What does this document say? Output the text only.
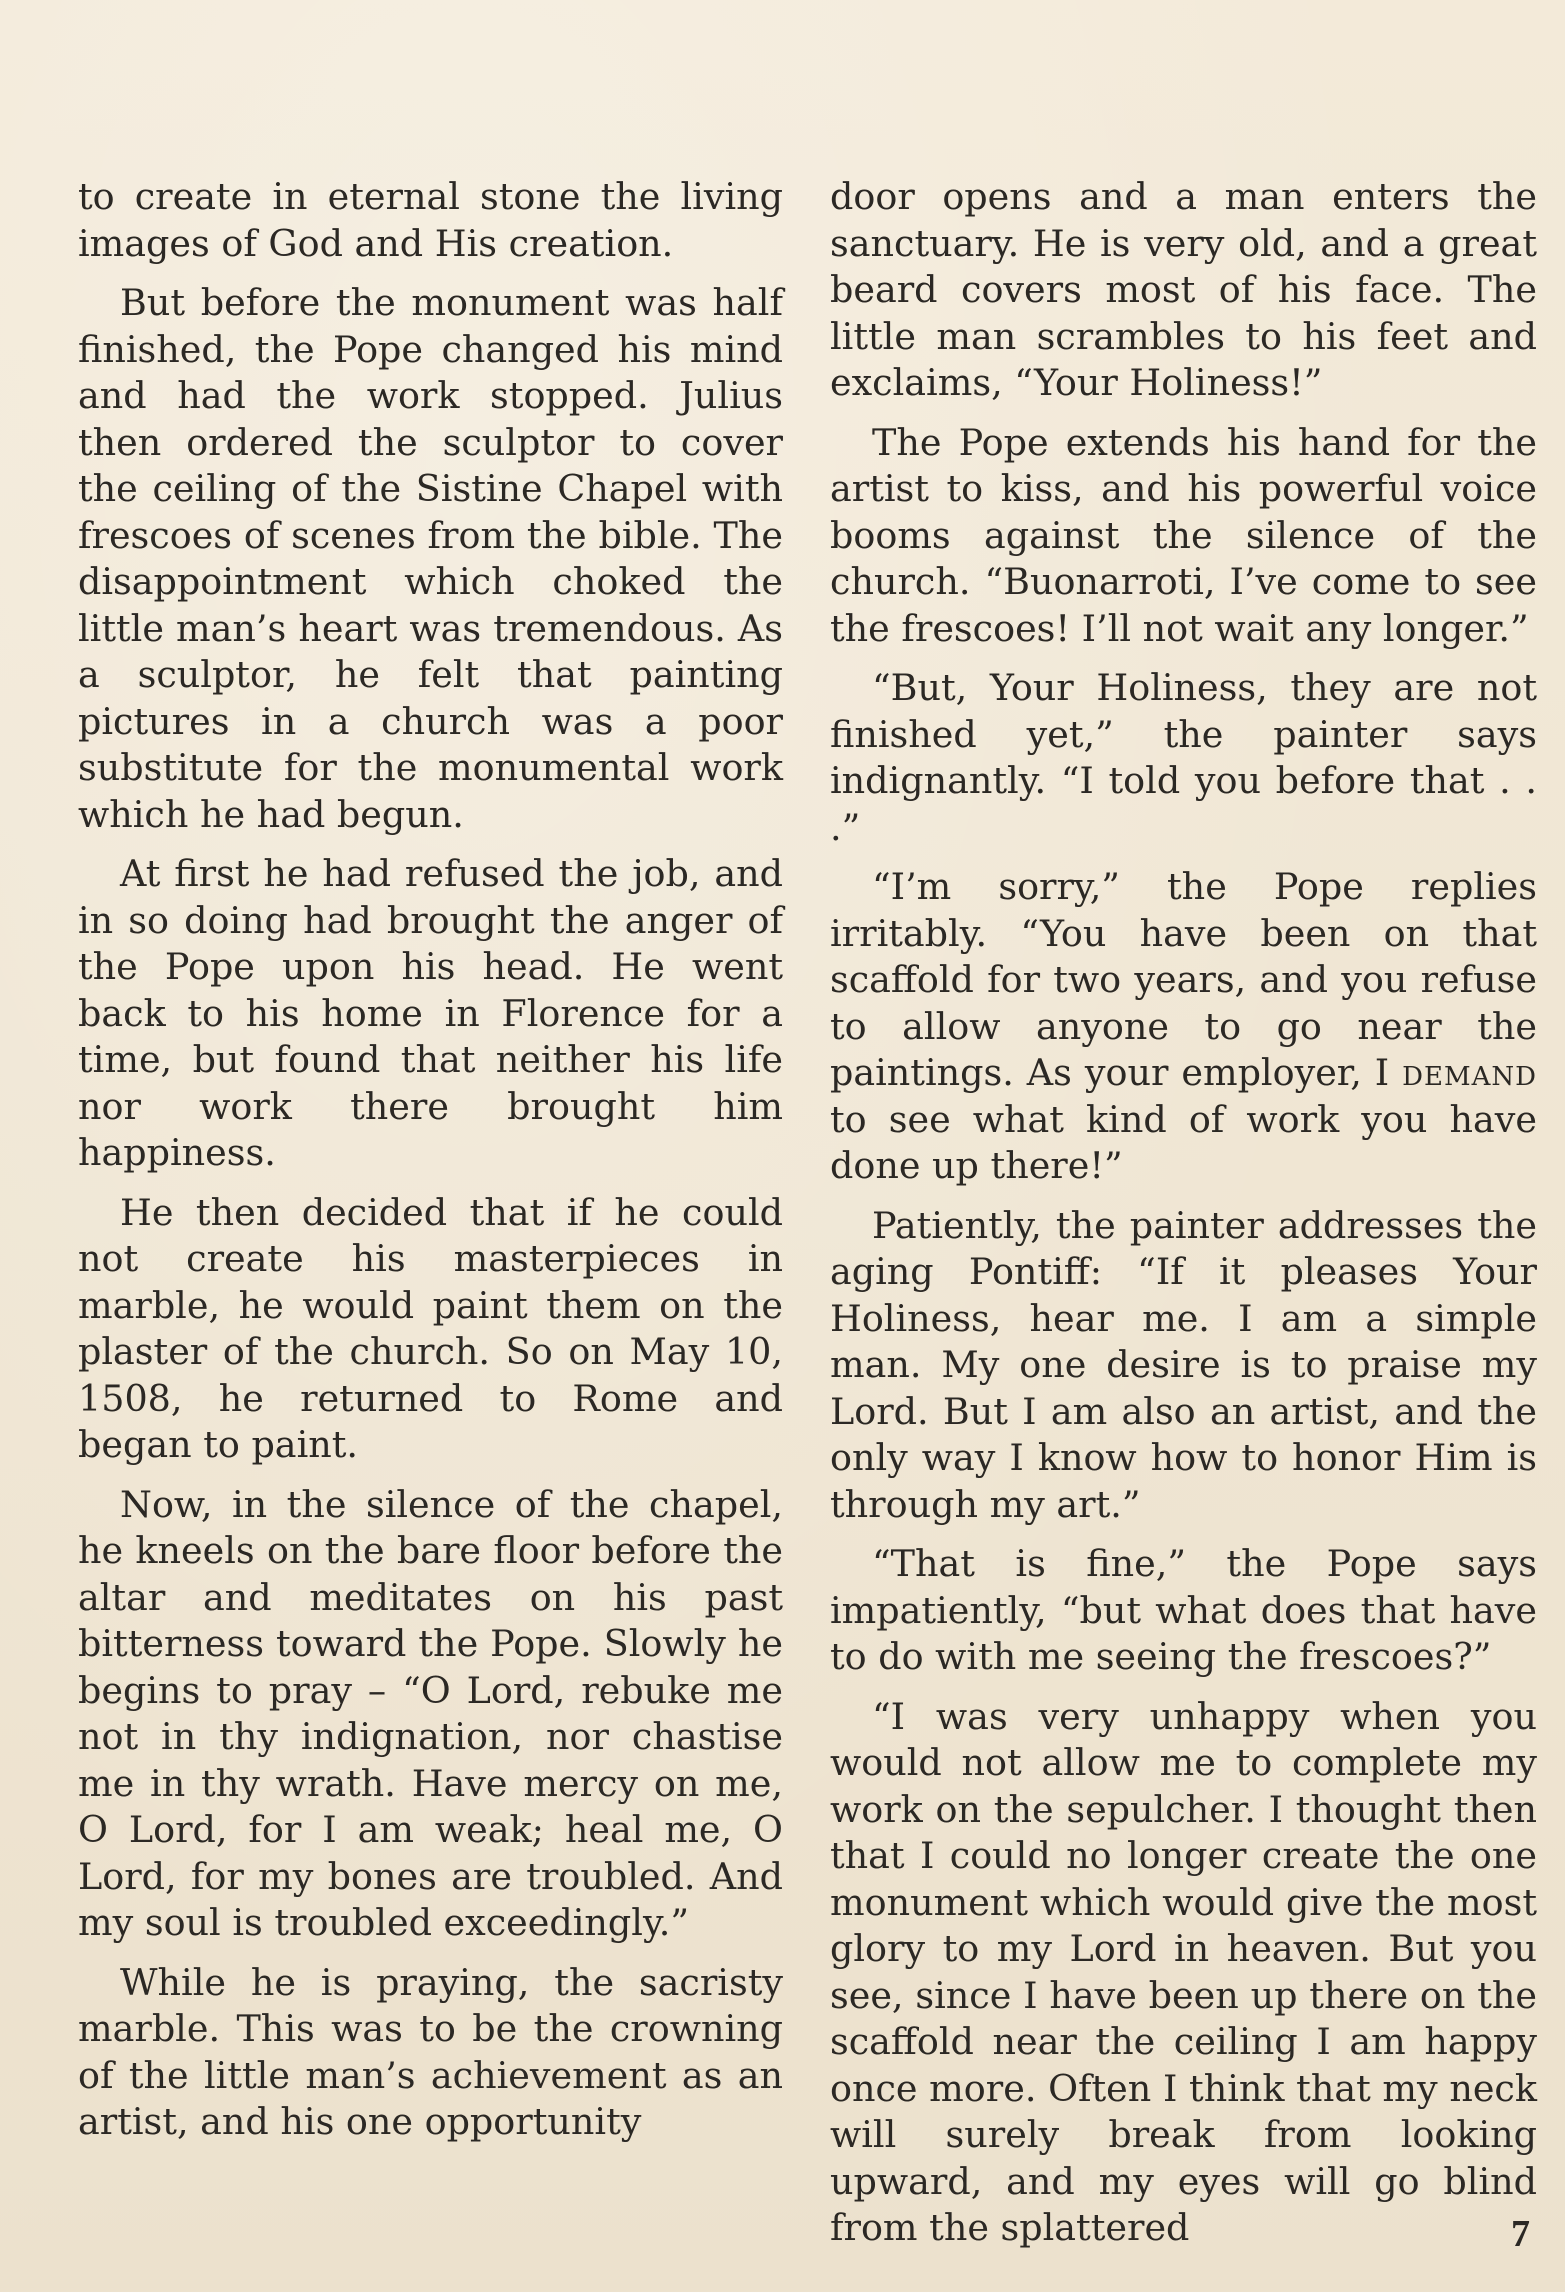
to create in eternal stone the living images of God and His creation.

But before the monument was half finished, the Pope changed his mind and had the work stopped. Julius then ordered the sculptor to cover the ceiling of the Sistine Chapel with frescoes of scenes from the bible. The disappointment which choked the little man’s heart was tremendous. As a sculptor, he felt that painting pictures in a church was a poor substitute for the monumental work which he had begun.

At first he had refused the job, and in so doing had brought the anger of the Pope upon his head. He went back to his home in Florence for a time, but found that neither his life nor work there brought him happiness.

He then decided that if he could not create his masterpieces in marble, he would paint them on the plaster of the church. So on May 10, 1508, he returned to Rome and began to paint.

Now, in the silence of the chapel, he kneels on the bare floor before the altar and meditates on his past bitterness toward the Pope. Slowly he begins to pray – “O Lord, rebuke me not in thy indignation, nor chastise me in thy wrath. Have mercy on me, O Lord, for I am weak; heal me, O Lord, for my bones are troubled. And my soul is troubled exceedingly.”

While he is praying, the sacristy marble. This was to be the crowning of the little man’s achievement as an artist, and his one opportunity

door opens and a man enters the sanctuary. He is very old, and a great beard covers most of his face. The little man scrambles to his feet and exclaims, “Your Holiness!”

The Pope extends his hand for the artist to kiss, and his powerful voice booms against the silence of the church. “Buonarroti, I’ve come to see the frescoes! I’ll not wait any longer.”

“But, Your Holiness, they are not finished yet,” the painter says indignantly. “I told you before that . . .”

“I’m sorry,” the Pope replies irritably. “You have been on that scaffold for two years, and you refuse to allow anyone to go near the paintings. As your employer, I demand to see what kind of work you have done up there!”

Patiently, the painter addresses the aging Pontiff: “If it pleases Your Holiness, hear me. I am a simple man. My one desire is to praise my Lord. But I am also an artist, and the only way I know how to honor Him is through my art.”

“That is fine,” the Pope says impatiently, “but what does that have to do with me seeing the frescoes?”

“I was very unhappy when you would not allow me to complete my work on the sepulcher. I thought then that I could no longer create the one monument which would give the most glory to my Lord in heaven. But you see, since I have been up there on the scaffold near the ceiling I am happy once more. Often I think that my neck will surely break from looking upward, and my eyes will go blind from the splattered	7
